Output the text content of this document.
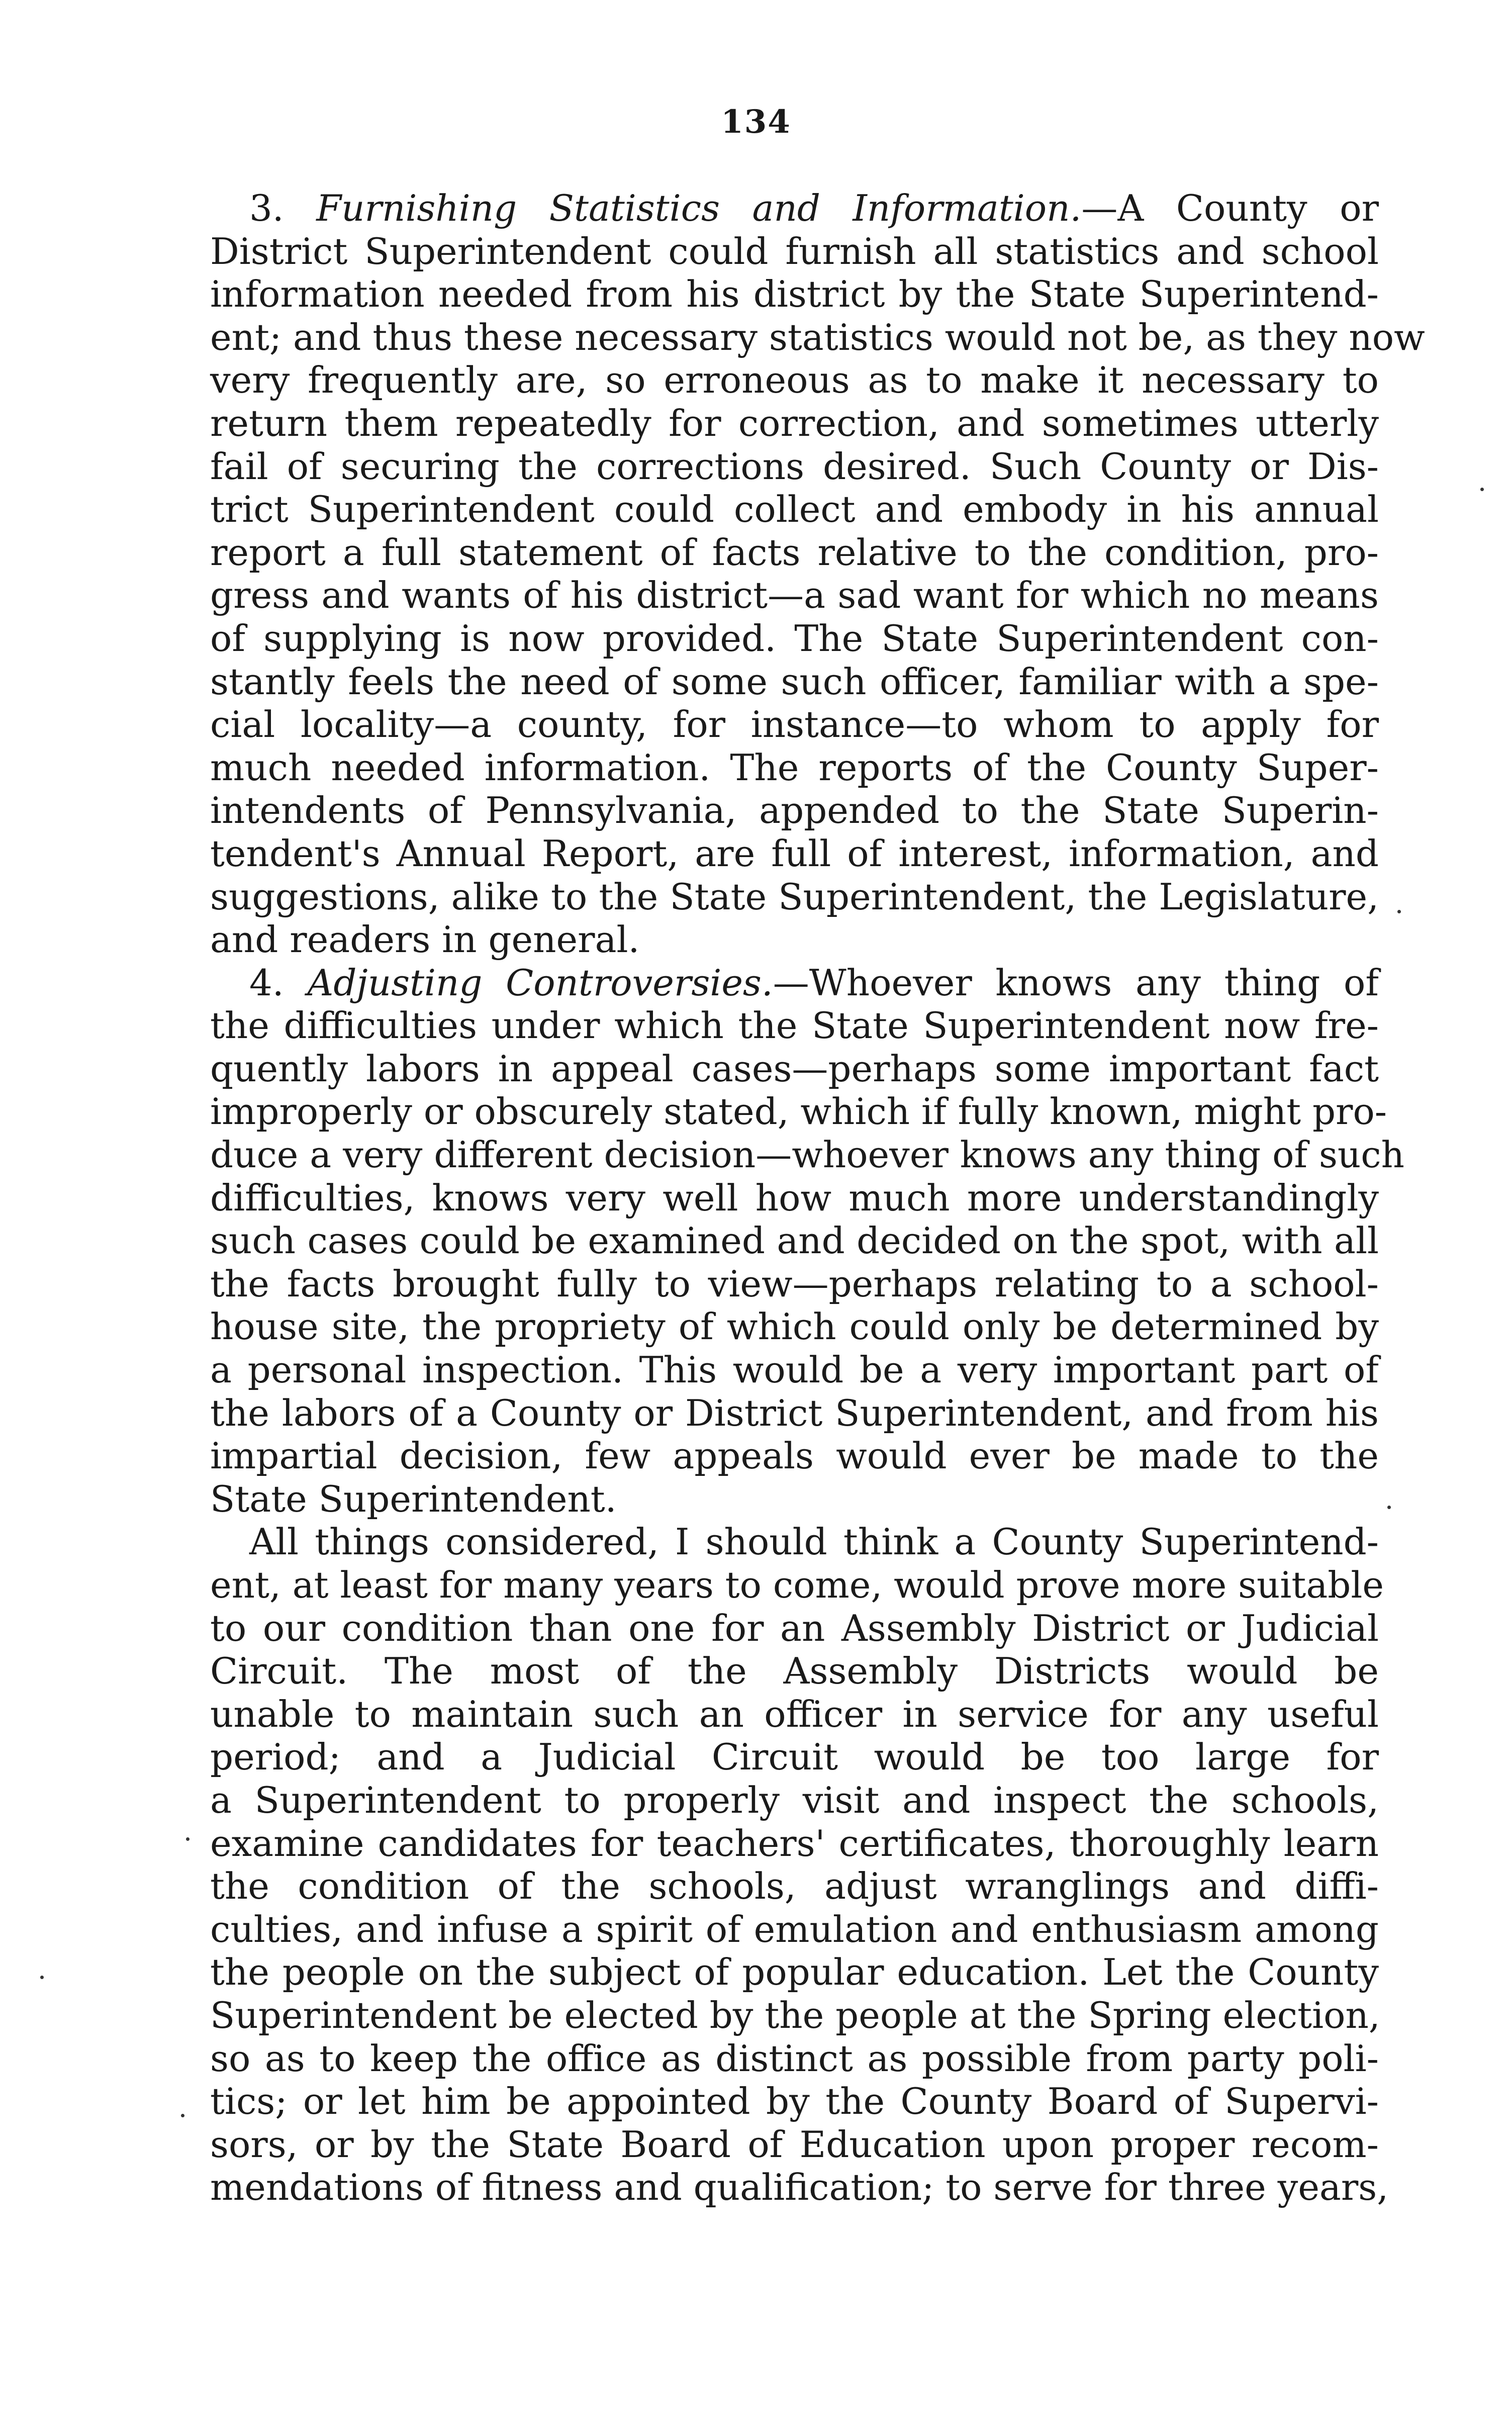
134
3. Furnishing Statistics and Information.—A County or
District Superintendent could furnish all statistics and school
information needed from his district by the State Superintend-
ent; and thus these necessary statistics would not be, as they now
very frequently are, so erroneous as to make it necessary to
return them repeatedly for correction, and sometimes utterly
fail of securing the corrections desired. Such County or Dis-
trict Superintendent could collect and embody in his annual
report a full statement of facts relative to the condition, pro-
gress and wants of his district—a sad want for which no means
of supplying is now provided. The State Superintendent con-
stantly feels the need of some such officer, familiar with a spe-
cial locality—a county, for instance—to whom to apply for
much needed information. The reports of the County Super-
intendents of Pennsylvania, appended to the State Superin-
tendent's Annual Report, are full of interest, information, and
suggestions, alike to the State Superintendent, the Legislature,
and readers in general.
4. Adjusting Controversies.—Whoever knows any thing of
the difficulties under which the State Superintendent now fre-
quently labors in appeal cases—perhaps some important fact
improperly or obscurely stated, which if fully known, might pro-
duce a very different decision—whoever knows any thing of such
difficulties, knows very well how much more understandingly
such cases could be examined and decided on the spot, with all
the facts brought fully to view—perhaps relating to a school-
house site, the propriety of which could only be determined by
a personal inspection. This would be a very important part of
the labors of a County or District Superintendent, and from his
impartial decision, few appeals would ever be made to the
State Superintendent.
All things considered, I should think a County Superintend-
ent, at least for many years to come, would prove more suitable
to our condition than one for an Assembly District or Judicial
Circuit. The most of the Assembly Districts would be
unable to maintain such an officer in service for any useful
period; and a Judicial Circuit would be too large for
a Superintendent to properly visit and inspect the schools,
examine candidates for teachers' certificates, thoroughly learn
the condition of the schools, adjust wranglings and diffi-
culties, and infuse a spirit of emulation and enthusiasm among
the people on the subject of popular education. Let the County
Superintendent be elected by the people at the Spring election,
so as to keep the office as distinct as possible from party poli-
tics; or let him be appointed by the County Board of Supervi-
sors, or by the State Board of Education upon proper recom-
mendations of fitness and qualification; to serve for three years,
